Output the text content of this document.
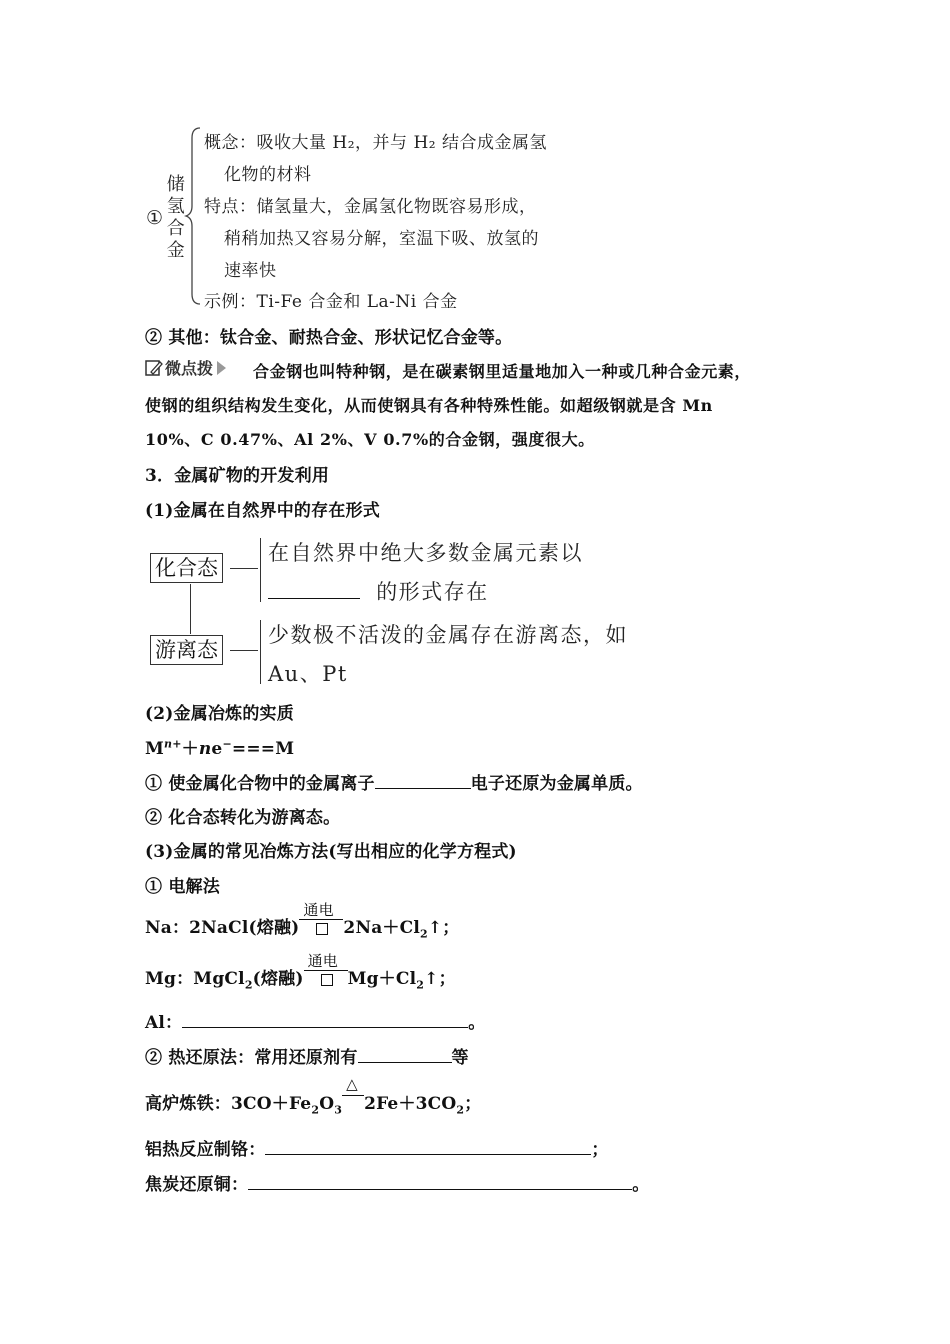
①
储
氢
合
金
概念：吸收大量 H₂，并与 H₂ 结合成金属氢
化物的材料
特点：储氢量大，金属氢化物既容易形成，
稍稍加热又容易分解，室温下吸、放氢的
速率快
示例：Ti-Fe 合金和 La-Ni 合金
② 其他：钛合金、耐热合金、形状记忆合金等。
微点拨 合金钢也叫特种钢，是在碳素钢里适量地加入一种或几种合金元素，
使钢的组织结构发生变化，从而使钢具有各种特殊性能。如超级钢就是含 Mn
10%、C 0.47%、Al 2%、V 0.7%的合金钢，强度很大。
3．金属矿物的开发利用
(1)金属在自然界中的存在形式
化合态
在自然界中绝大多数金属元素以
的形式存在
游离态
少数极不活泼的金属存在游离态，如
Au、Pt
(2)金属冶炼的实质
$M^{n+}+ne^-===M$
① 使金属化合物中的金属离子	电子还原为金属单质。
② 化合态转化为游离态。
(3)金属的常见冶炼方法(写出相应的化学方程式)
① 电解法
Na：2NaCl(熔融)
通电
$2Na+Cl_2↑$；
Mg：MgCl$_2$(熔融)
通电
$Mg+Cl_2↑$；
Al：	。
② 热还原法：常用还原剂有	等
高炉炼铁：$3CO+Fe_2O_3$
△
$2Fe+3CO_2$；
铝热反应制铬：	；
焦炭还原铜：	。
